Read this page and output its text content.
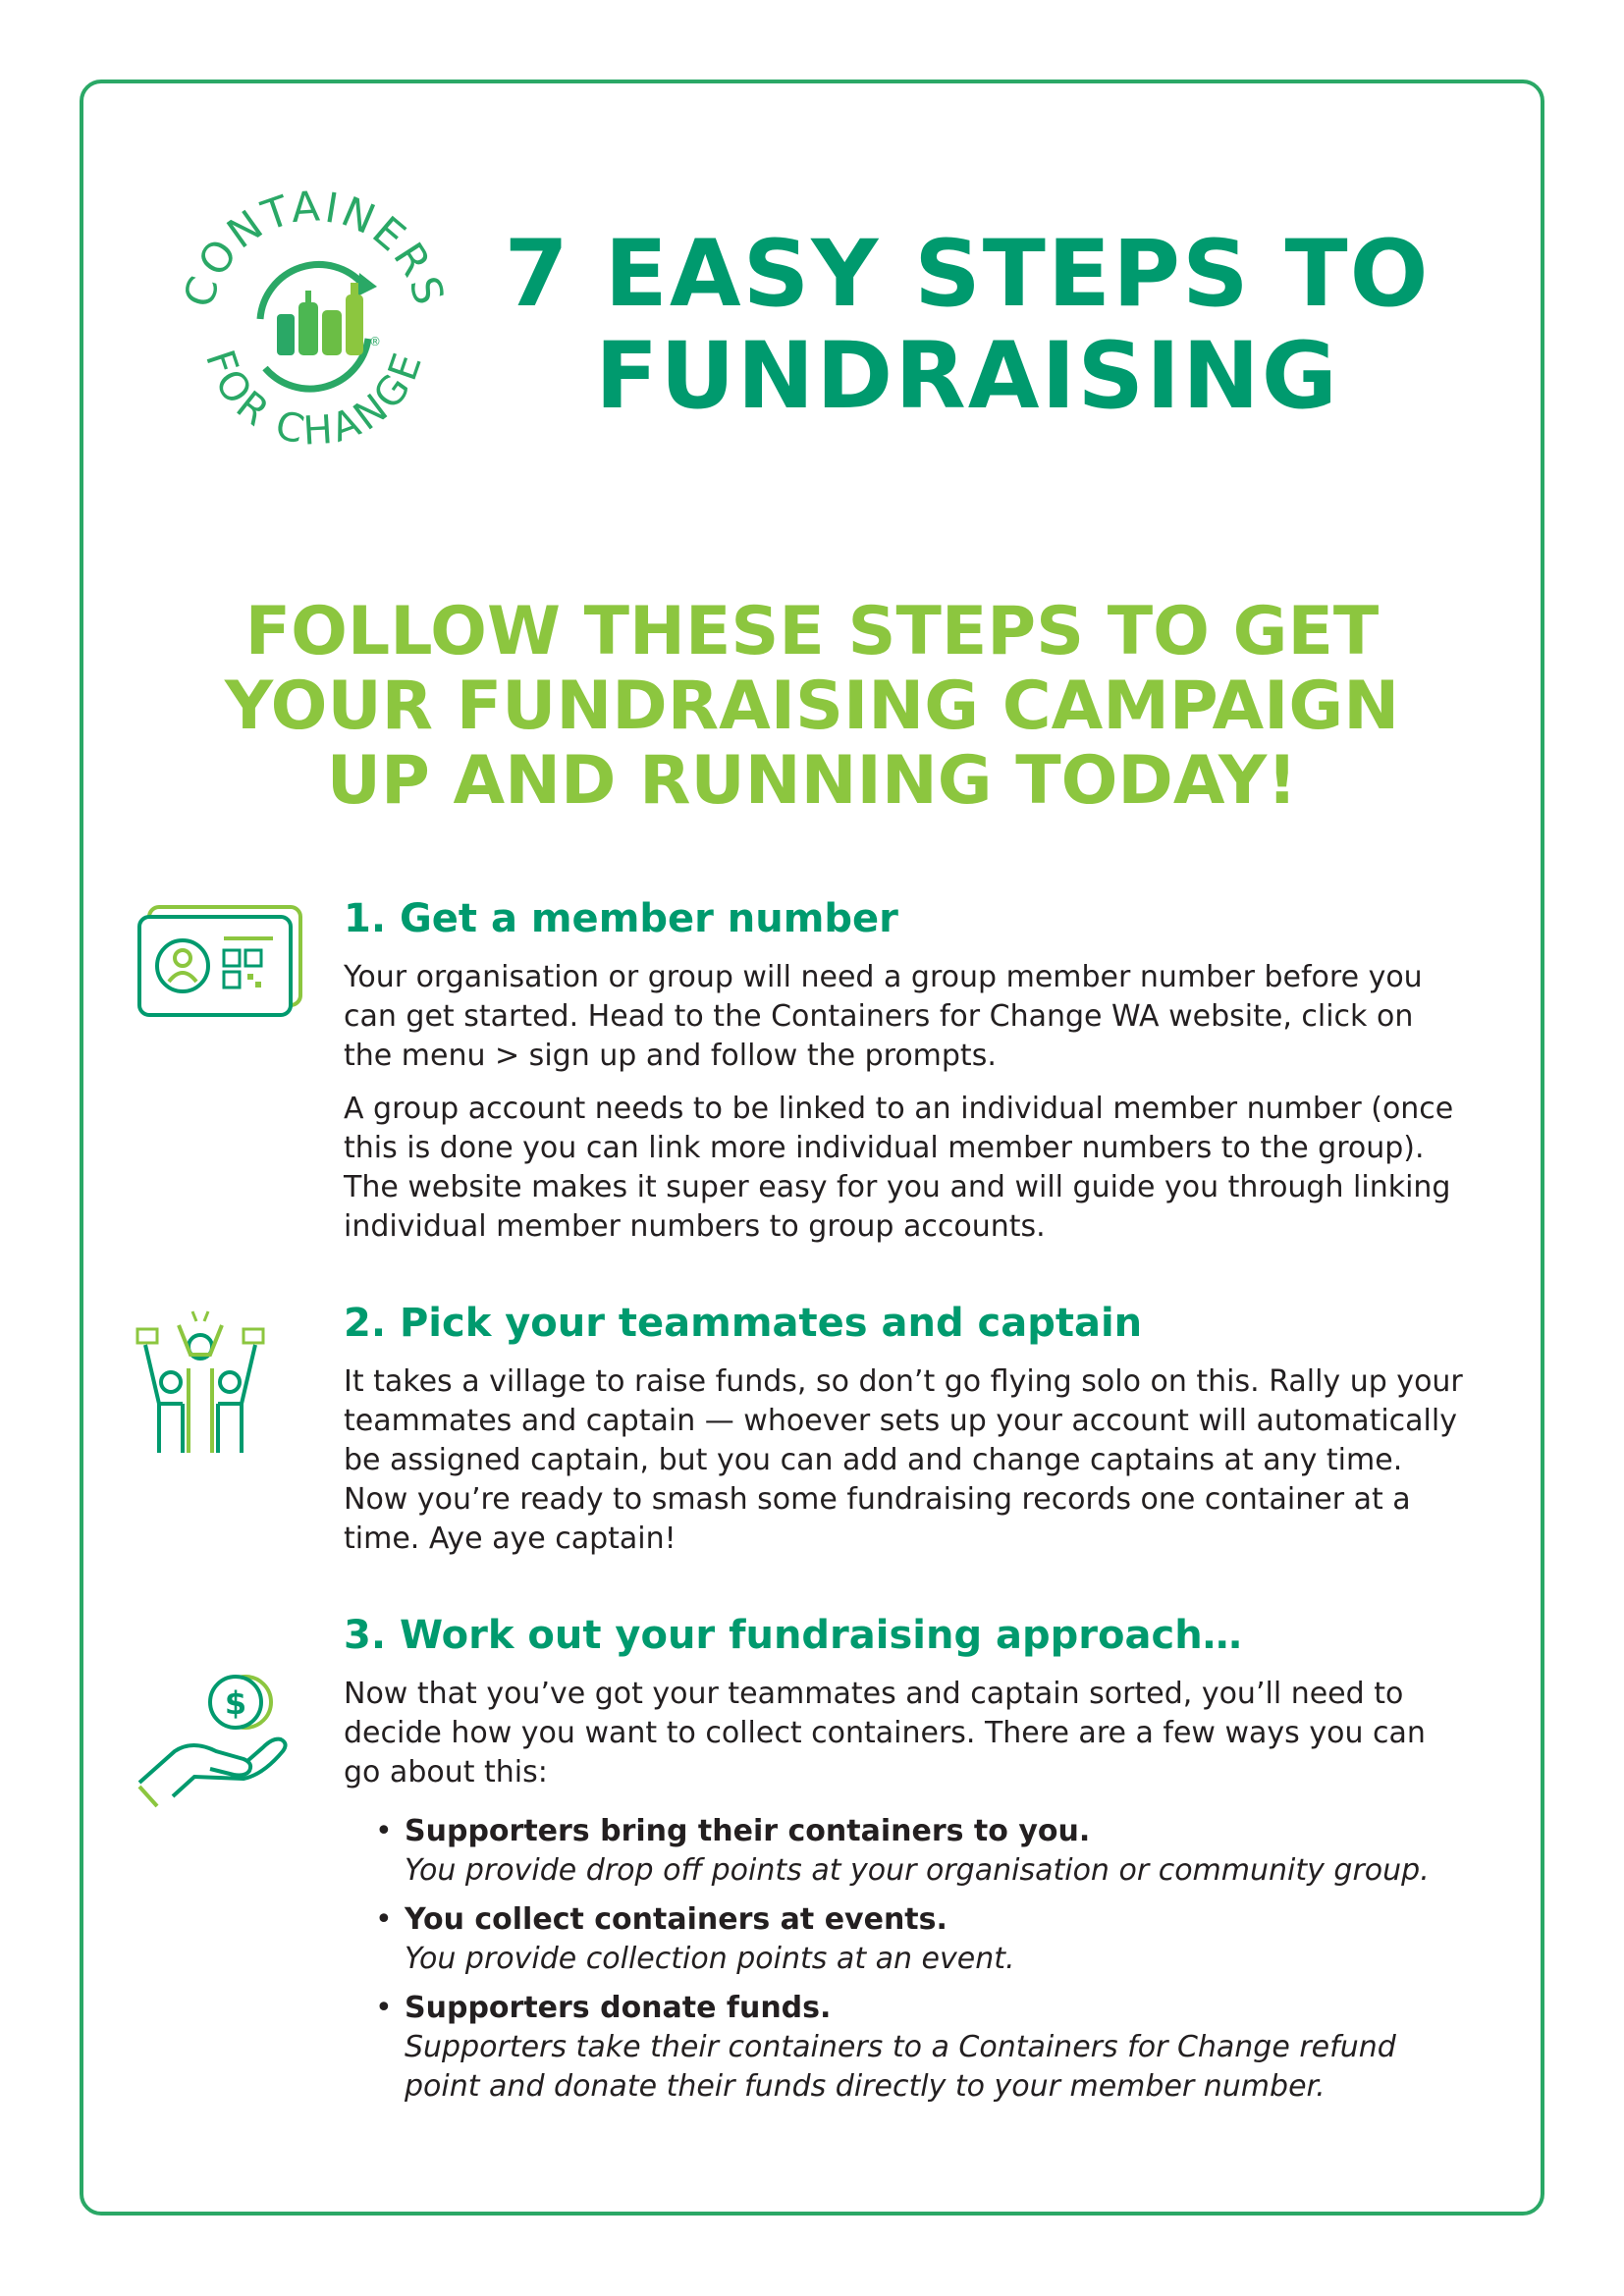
CONTAINERS
FOR CHANGE
®
7 EASY STEPS TO
FUNDRAISING
FOLLOW THESE STEPS TO GET
YOUR FUNDRAISING CAMPAIGN
UP AND RUNNING TODAY!
1. Get a member number

Your organisation or group will need a group member number before you can get started. Head to the Containers for Change WA website, click on the menu > sign up and follow the prompts.

A group account needs to be linked to an individual member number (once this is done you can link more individual member numbers to the group). The website makes it super easy for you and will guide you through linking individual member numbers to group accounts.

2. Pick your teammates and captain

It takes a village to raise funds, so don’t go flying solo on this. Rally up your teammates and captain — whoever sets up your account will automatically be assigned captain, but you can add and change captains at any time. Now you’re ready to smash some fundraising records one container at a time. Aye aye captain!

$
3. Work out your fundraising approach…

Now that you’ve got your teammates and captain sorted, you’ll need to decide how you want to collect containers. There are a few ways you can go about this:

• Supporters bring their containers to you.
You provide drop off points at your organisation or community group.
• You collect containers at events.
You provide collection points at an event.
• Supporters donate funds.
Supporters take their containers to a Containers for Change refund point and donate their funds directly to your member number.
